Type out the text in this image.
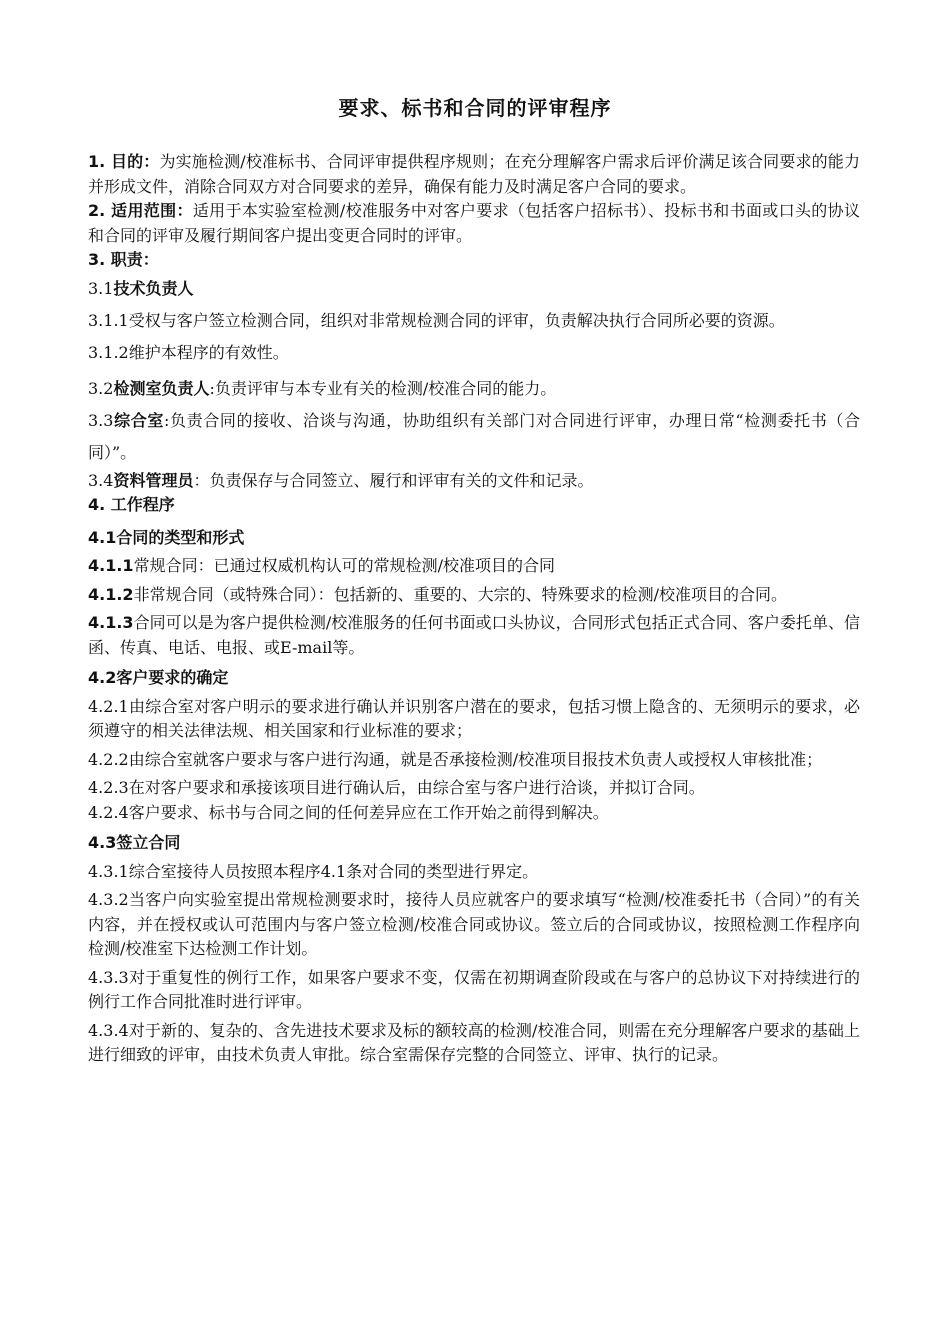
要求、标书和合同的评审程序

1. 目的：为实施检测/校准标书、合同评审提供程序规则；在充分理解客户需求后评价满足该合同要求的能力并形成文件，消除合同双方对合同要求的差异，确保有能力及时满足客户合同的要求。

2. 适用范围：适用于本实验室检测/校准服务中对客户要求（包括客户招标书）、投标书和书面或口头的协议和合同的评审及履行期间客户提出变更合同时的评审。

3. 职责：

3.1技术负责人

3.1.1受权与客户签立检测合同，组织对非常规检测合同的评审，负责解决执行合同所必要的资源。

3.1.2维护本程序的有效性。

3.2检测室负责人:负责评审与本专业有关的检测/校准合同的能力。

3.3综合室:负责合同的接收、洽谈与沟通，协助组织有关部门对合同进行评审，办理日常“检测委托书（合同）”。

3.4资料管理员：负责保存与合同签立、履行和评审有关的文件和记录。

4. 工作程序

4.1合同的类型和形式

4.1.1常规合同：已通过权威机构认可的常规检测/校准项目的合同

4.1.2非常规合同（或特殊合同）：包括新的、重要的、大宗的、特殊要求的检测/校准项目的合同。

4.1.3合同可以是为客户提供检测/校准服务的任何书面或口头协议，合同形式包括正式合同、客户委托单、信函、传真、电话、电报、或E-mail等。

4.2客户要求的确定

4.2.1由综合室对客户明示的要求进行确认并识别客户潜在的要求，包括习惯上隐含的、无须明示的要求，必须遵守的相关法律法规、相关国家和行业标准的要求；

4.2.2由综合室就客户要求与客户进行沟通，就是否承接检测/校准项目报技术负责人或授权人审核批准；

4.2.3在对客户要求和承接该项目进行确认后，由综合室与客户进行洽谈，并拟订合同。

4.2.4客户要求、标书与合同之间的任何差异应在工作开始之前得到解决。

4.3签立合同

4.3.1综合室接待人员按照本程序4.1条对合同的类型进行界定。

4.3.2当客户向实验室提出常规检测要求时，接待人员应就客户的要求填写“检测/校准委托书（合同）”的有关内容，并在授权或认可范围内与客户签立检测/校准合同或协议。签立后的合同或协议，按照检测工作程序向检测/校准室下达检测工作计划。

4.3.3对于重复性的例行工作，如果客户要求不变，仅需在初期调查阶段或在与客户的总协议下对持续进行的例行工作合同批准时进行评审。

4.3.4对于新的、复杂的、含先进技术要求及标的额较高的检测/校准合同，则需在充分理解客户要求的基础上进行细致的评审，由技术负责人审批。综合室需保存完整的合同签立、评审、执行的记录。
